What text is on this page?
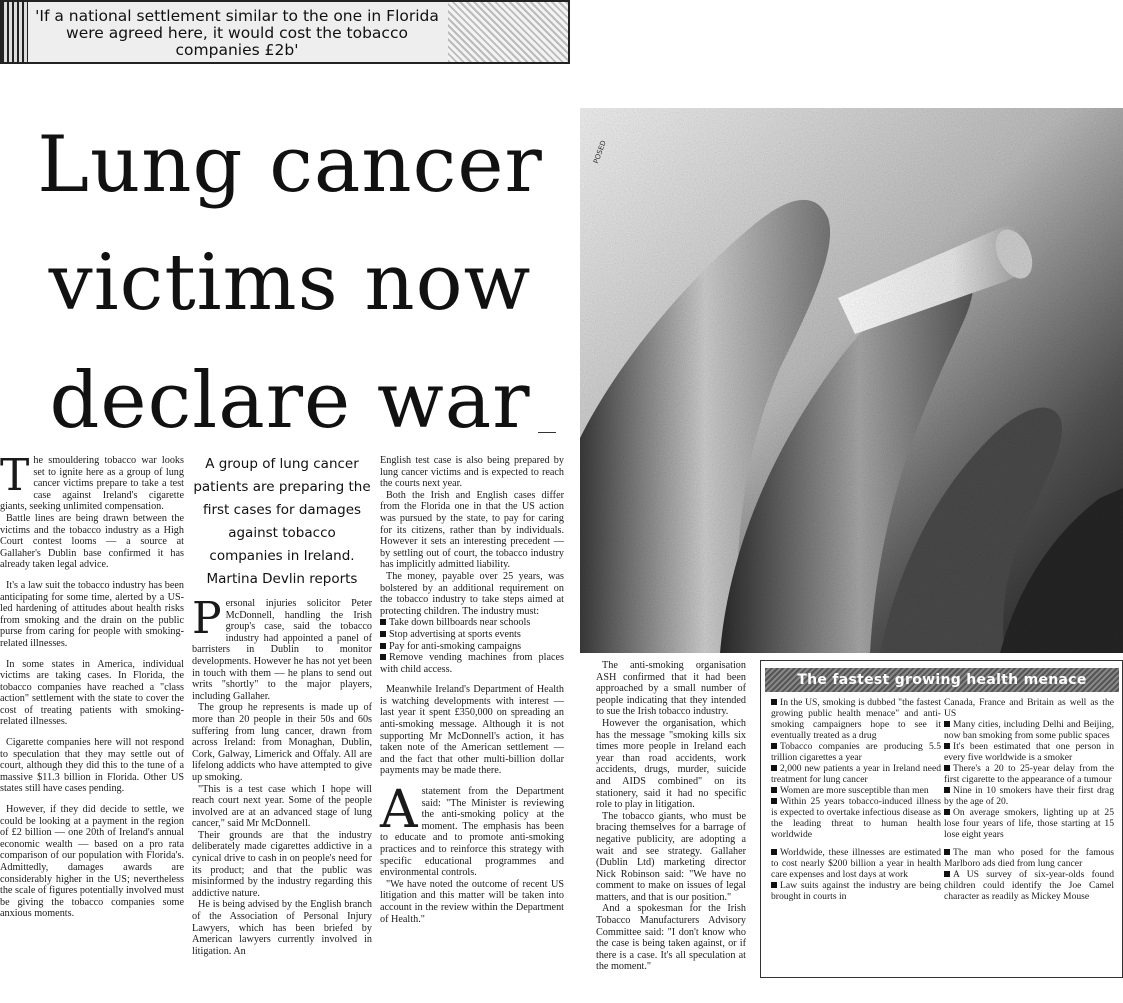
'If a national settlement similar to the one in Florida were agreed here, it would cost the tobacco companies £2b'
Lung cancer
victims now
declare war

The smouldering tobacco war looks set to ignite here as a group of lung cancer victims prepare to take a test case against Ireland's cigarette giants, seeking unlimited compensation.

Battle lines are being drawn between the victims and the tobacco industry as a High Court contest looms — a source at Gallaher's Dublin base confirmed it has already taken legal advice.

It's a law suit the tobacco industry has been anticipating for some time, alerted by a US-led hardening of attitudes about health risks from smoking and the drain on the public purse from caring for people with smoking-related illnesses.

In some states in America, individual victims are taking cases. In Florida, the tobacco companies have reached a "class action" settlement with the state to cover the cost of treating patients with smoking-related illnesses.

Cigarette companies here will not respond to speculation that they may settle out of court, although they did this to the tune of a massive $11.3 billion in Florida. Other US states still have cases pending.

However, if they did decide to settle, we could be looking at a payment in the region of £2 billion — one 20th of Ireland's annual economic wealth — based on a pro rata comparison of our population with Florida's. Admittedly, damages awards are considerably higher in the US; nevertheless the scale of figures potentially involved must be giving the tobacco companies some anxious moments.

A group of lung cancer patients are preparing the first cases for damages against tobacco companies in Ireland. Martina Devlin reports

Personal injuries solicitor Peter McDonnell, handling the Irish group's case, said the tobacco industry had appointed a panel of barristers in Dublin to monitor developments. However he has not yet been in touch with them — he plans to send out writs "shortly" to the major players, including Gallaher.

The group he represents is made up of more than 20 people in their 50s and 60s suffering from lung cancer, drawn from across Ireland: from Monaghan, Dublin, Cork, Galway, Limerick and Offaly. All are lifelong addicts who have attempted to give up smoking.

"This is a test case which I hope will reach court next year. Some of the people involved are at an advanced stage of lung cancer," said Mr McDonnell.

Their grounds are that the industry deliberately made cigarettes addictive in a cynical drive to cash in on people's need for its product; and that the public was misinformed by the industry regarding this addictive nature.

He is being advised by the English branch of the Association of Personal Injury Lawyers, which has been briefed by American lawyers currently involved in litigation. An

English test case is also being prepared by lung cancer victims and is expected to reach the courts next year.

Both the Irish and English cases differ from the Florida one in that the US action was pursued by the state, to pay for caring for its citizens, rather than by individuals. However it sets an interesting precedent — by settling out of court, the tobacco industry has implicitly admitted liability.

The money, payable over 25 years, was bolstered by an additional requirement on the tobacco industry to take steps aimed at protecting children. The industry must:

Take down billboards near schools

Stop advertising at sports events

Pay for anti-smoking campaigns

Remove vending machines from places with child access.

Meanwhile Ireland's Department of Health is watching developments with interest — last year it spent £350,000 on spreading an anti-smoking message. Although it is not supporting Mr McDonnell's action, it has taken note of the American settlement — and the fact that other multi-billion dollar payments may be made there.

A statement from the Department said: "The Minister is reviewing the anti-smoking policy at the moment. The emphasis has been to educate and to promote anti-smoking practices and to reinforce this strategy with specific educational programmes and environmental controls.

"We have noted the outcome of recent US litigation and this matter will be taken into account in the review within the Department of Health."

POSED

The anti-smoking organisation ASH confirmed that it had been approached by a small number of people indicating that they intended to sue the Irish tobacco industry.

However the organisation, which has the message "smoking kills six times more people in Ireland each year than road accidents, work accidents, drugs, murder, suicide and AIDS combined" on its stationery, said it had no specific role to play in litigation.

The tobacco giants, who must be bracing themselves for a barrage of negative publicity, are adopting a wait and see strategy. Gallaher (Dublin Ltd) marketing director Nick Robinson said: "We have no comment to make on issues of legal matters, and that is our position."

And a spokesman for the Irish Tobacco Manufacturers Advisory Committee said: "I don't know who the case is being taken against, or if there is a case. It's all speculation at the moment."

The fastest growing health menace
In the US, smoking is dubbed "the fastest growing public health menace" and anti-smoking campaigners hope to see it eventually treated as a drug
Tobacco companies are producing 5.5 trillion cigarettes a year
2,000 new patients a year in Ireland need treatment for lung cancer
Women are more susceptible than men
Within 25 years tobacco-induced illness is expected to overtake infectious disease as the leading threat to human health worldwide
Worldwide, these illnesses are estimated to cost nearly $200 billion a year in health care expenses and lost days at work
Law suits against the industry are being brought in courts in
Canada, France and Britain as well as the US
Many cities, including Delhi and Beijing, now ban smoking from some public spaces
It's been estimated that one person in every five worldwide is a smoker
There's a 20 to 25-year delay from the first cigarette to the appearance of a tumour
Nine in 10 smokers have their first drag by the age of 20.
On average smokers, lighting up at 25 lose four years of life, those starting at 15 lose eight years
The man who posed for the famous Marlboro ads died from lung cancer
A US survey of six-year-olds found children could identify the Joe Camel character as readily as Mickey Mouse
